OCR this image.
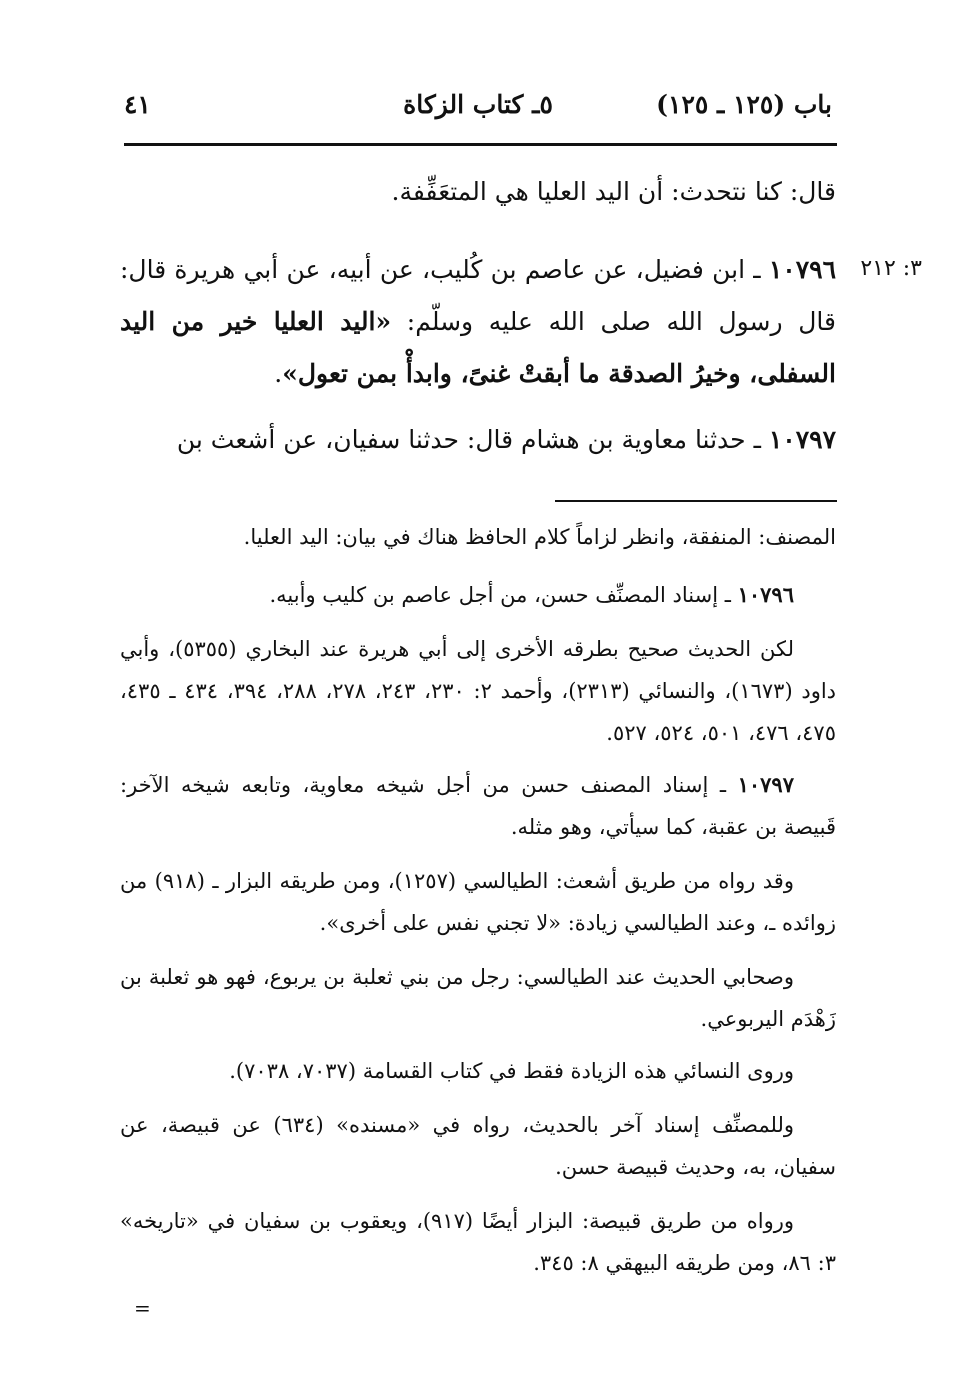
باب (١٢٥ ـ ١٢٥)
٥ـ كتاب الزكاة
٤١
قال: كنا نتحدث: أن اليد العليا هي المتعَفِّفة.
٣: ٢١٢
١٠٧٩٦ ـ ابن فضيل، عن عاصم بن كُليب، عن أبيه، عن أبي هريرة قال: قال رسول الله صلى الله عليه وسلّم: «اليد العليا خير من اليد السفلى، وخيرُ الصدقة ما أبقتْ غنىً، وابدأْ بمن تعول».
١٠٧٩٧ ـ حدثنا معاوية بن هشام قال: حدثنا سفيان، عن أشعث بن
المصنف: المنفقة، وانظر لزاماً كلام الحافظ هناك في بيان: اليد العليا.
١٠٧٩٦ ـ إسناد المصنِّف حسن، من أجل عاصم بن كليب وأبيه.
لكن الحديث صحيح بطرقه الأخرى إلى أبي هريرة عند البخاري (٥٣٥٥)، وأبي داود (١٦٧٣)، والنسائي (٢٣١٣)، وأحمد ٢: ٢٣٠، ٢٤٣، ٢٧٨، ٢٨٨، ٣٩٤، ٤٣٤ ـ ٤٣٥، ٤٧٥، ٤٧٦، ٥٠١، ٥٢٤، ٥٢٧.
١٠٧٩٧ ـ إسناد المصنف حسن من أجل شيخه معاوية، وتابعه شيخه الآخر: قَبيصة بن عقبة، كما سيأتي، وهو مثله.
وقد رواه من طريق أشعث: الطيالسي (١٢٥٧)، ومن طريقه البزار ـ (٩١٨) من زوائده ـ، وعند الطيالسي زيادة: «لا تجني نفس على أخرى».
وصحابي الحديث عند الطيالسي: رجل من بني ثعلبة بن يربوع، فهو هو ثعلبة بن زَهْدَم اليربوعي.
وروى النسائي هذه الزيادة فقط في كتاب القسامة (٧٠٣٧، ٧٠٣٨).
وللمصنِّف إسناد آخر بالحديث، رواه في «مسنده» (٦٣٤) عن قبيصة، عن سفيان، به، وحديث قبيصة حسن.
ورواه من طريق قبيصة: البزار أيضًا (٩١٧)، ويعقوب بن سفيان في «تاريخه» ٣: ٨٦، ومن طريقه البيهقي ٨: ٣٤٥.
=
